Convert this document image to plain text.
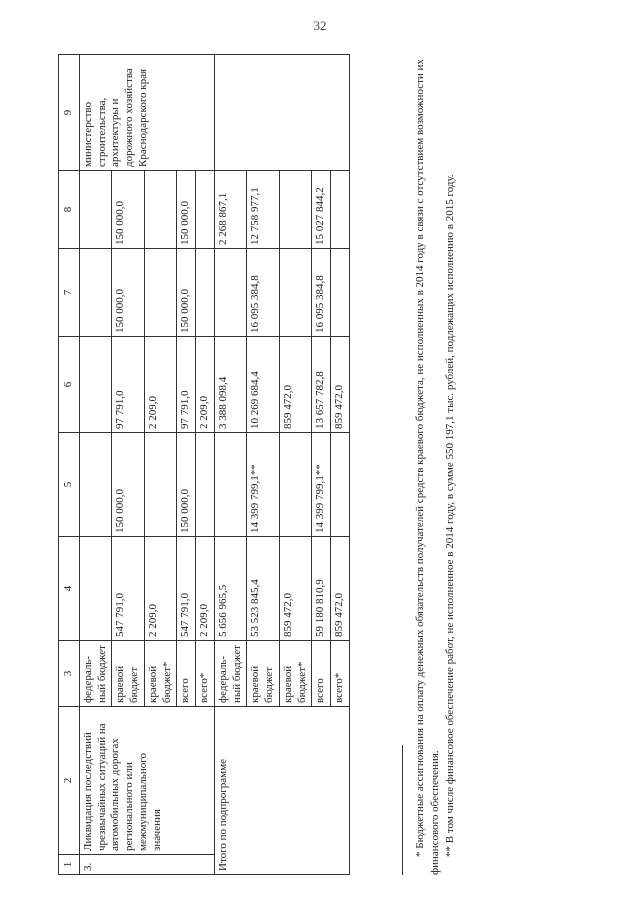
32
1	2	3	4	5	6	7	8	9
3.	Ликвидация последствий чрезвычайных ситуаций на автомобильных дорогах регионального или межмуниципального значения	федераль-ный бюджет						министерство строительства, архитектуры и дорожного хозяйства Краснодарского края
		краевой бюджет	547 791,0	150 000,0	97 791,0	150 000,0	150 000,0	
		краевой бюджет*	2 209,0		2 209,0			
		всего	547 791,0	150 000,0	97 791,0	150 000,0	150 000,0	
		всего*	2 209,0		2 209,0			
Итого по подпрограмме		федераль-ный бюджет	5 656 965,5		3 388 098,4		2 268 867,1	
		краевой бюджет	53 523 845,4	14 399 799,1**	10 269 684,4	16 095 384,8	12 758 977,1	
		краевой бюджет*	859 472,0		859 472,0			
		всего	59 180 810,9	14 399 799,1**	13 657 782,8	16 095 384,8	15 027 844,2	
		всего*	859 472,0		859 472,0				* Бюджетные ассигнования на оплату денежных обязательств получателей средств краевого бюджета, не исполненных в 2014 году в связи с отсутствием возможности их финансового обеспечения. ** В том числе финансовое обеспечение работ, не исполненное в 2014 году, в сумме 550 197,1 тыс. рублей, подлежащих исполнению в 2015 году.
